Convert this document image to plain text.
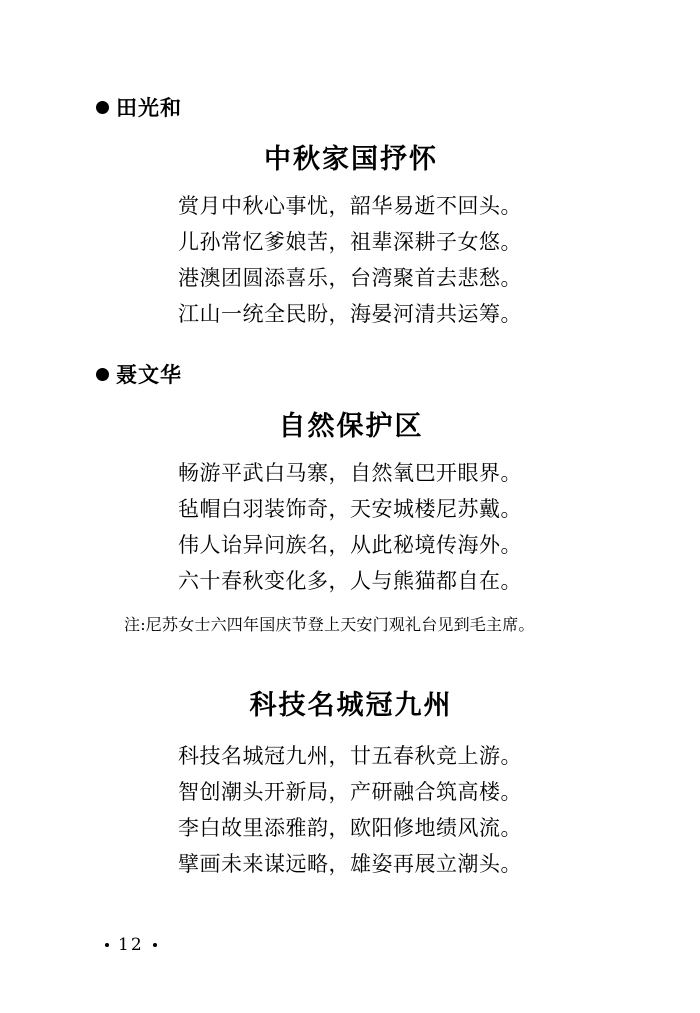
田光和
中秋家国抒怀
赏月中秋心事忧，韶华易逝不回头。
儿孙常忆爹娘苦，祖辈深耕子女悠。
港澳团圆添喜乐，台湾聚首去悲愁。
江山一统全民盼，海晏河清共运筹。
聂文华
自然保护区
畅游平武白马寨，自然氧巴开眼界。
毡帽白羽装饰奇，天安城楼尼苏戴。
伟人诒异问族名，从此秘境传海外。
六十春秋变化多，人与熊猫都自在。
注:尼苏女士六四年国庆节登上天安门观礼台见到毛主席。
科技名城冠九州
科技名城冠九州，廿五春秋竞上游。
智创潮头开新局，产研融合筑高楼。
李白故里添雅韵，欧阳修地绩风流。
擘画未来谋远略，雄姿再展立潮头。
12
